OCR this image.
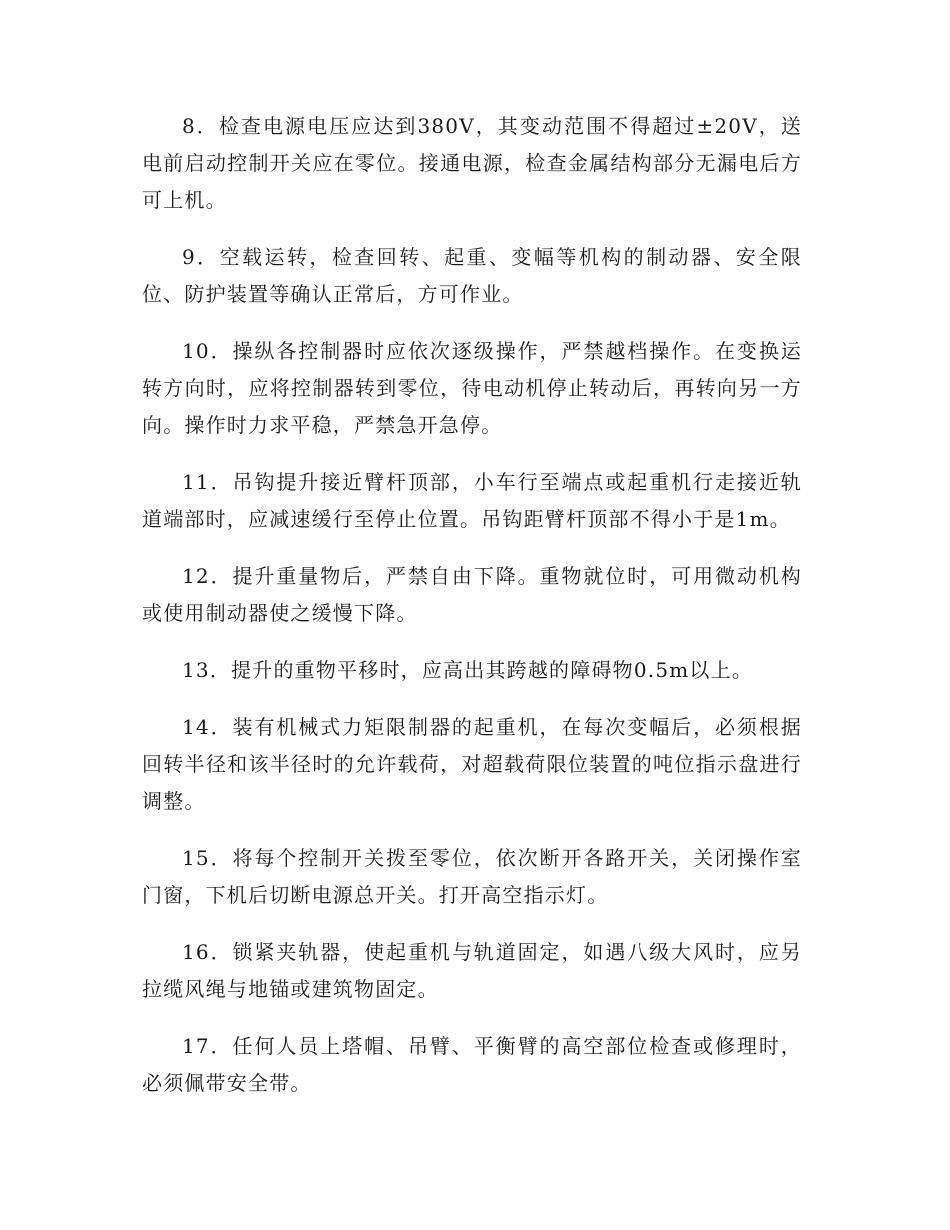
8．检查电源电压应达到380V，其变动范围不得超过±20V，送电前启动控制开关应在零位。接通电源，检查金属结构部分无漏电后方可上机。

9．空载运转，检查回转、起重、变幅等机构的制动器、安全限位、防护装置等确认正常后，方可作业。

10．操纵各控制器时应依次逐级操作，严禁越档操作。在变换运转方向时，应将控制器转到零位，待电动机停止转动后，再转向另一方向。操作时力求平稳，严禁急开急停。

11．吊钩提升接近臂杆顶部，小车行至端点或起重机行走接近轨道端部时，应减速缓行至停止位置。吊钩距臂杆顶部不得小于是1m。

12．提升重量物后，严禁自由下降。重物就位时，可用微动机构或使用制动器使之缓慢下降。

13．提升的重物平移时，应高出其跨越的障碍物0.5m以上。

14．装有机械式力矩限制器的起重机，在每次变幅后，必须根据回转半径和该半径时的允许载荷，对超载荷限位装置的吨位指示盘进行调整。

15．将每个控制开关拨至零位，依次断开各路开关，关闭操作室门窗，下机后切断电源总开关。打开高空指示灯。

16．锁紧夹轨器，使起重机与轨道固定，如遇八级大风时，应另拉缆风绳与地锚或建筑物固定。

17．任何人员上塔帽、吊臂、平衡臂的高空部位检查或修理时，必须佩带安全带。
